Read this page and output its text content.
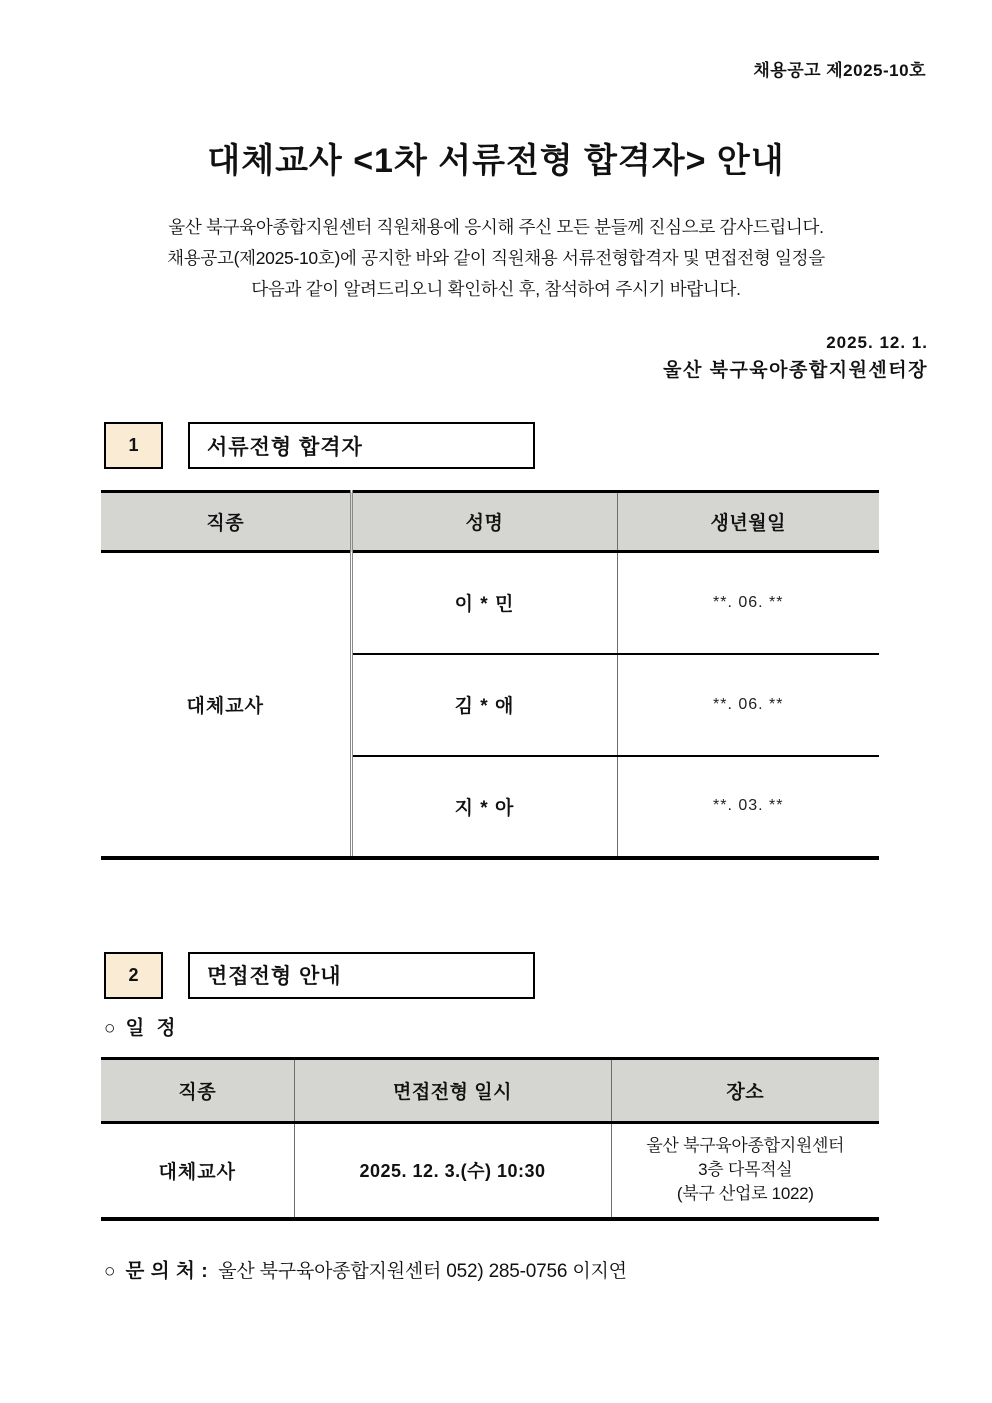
채용공고 제2025-10호
대체교사 <1차 서류전형 합격자> 안내
울산 북구육아종합지원센터 직원채용에 응시해 주신 모든 분들께 진심으로 감사드립니다.
채용공고(제2025-10호)에 공지한 바와 같이 직원채용 서류전형합격자 및 면접전형 일정을
다음과 같이 알려드리오니 확인하신 후, 참석하여 주시기 바랍니다.
2025. 12. 1.
울산 북구육아종합지원센터장
1	서류전형 합격자
직종	성명	생년월일
대체교사	이 * 민	**. 06. **
	김 * 애	**. 06. **
	지 * 아	**. 03. **
2	면접전형 안내
○ 일  정
직종	면접전형 일시	장소
대체교사	2025. 12. 3.(수) 10:30	울산 북구육아종합지원센터
3층 다목적실
(북구 산업로 1022)
○ 문 의 처 : 울산 북구육아종합지원센터 052) 285-0756 이지연
